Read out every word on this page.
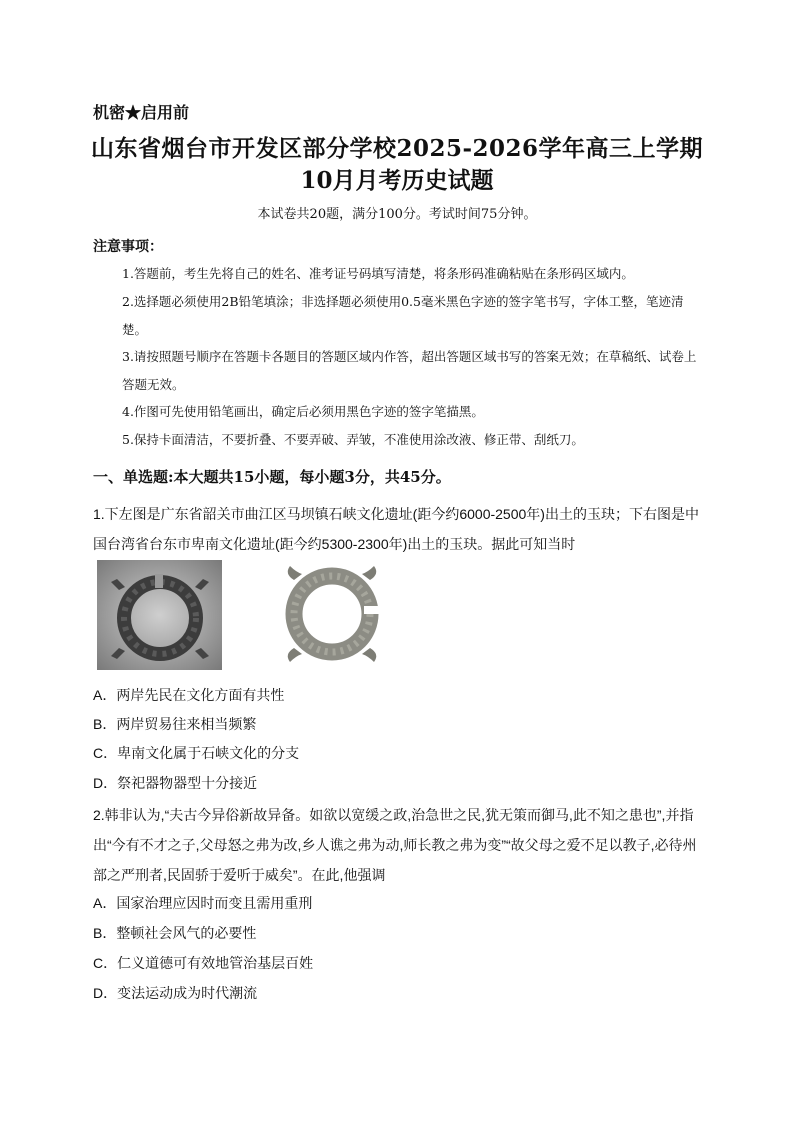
机密★启用前
山东省烟台市开发区部分学校2025-2026学年高三上学期
10月月考历史试题
本试卷共20题，满分100分。考试时间75分钟。
注意事项：
1.答题前，考生先将自己的姓名、准考证号码填写清楚，将条形码准确粘贴在条形码区域内。
2.选择题必须使用2B铅笔填涂；非选择题必须使用0.5毫米黑色字迹的签字笔书写，字体工整，笔迹清楚。
3.请按照题号顺序在答题卡各题目的答题区域内作答，超出答题区域书写的答案无效；在草稿纸、试卷上答题无效。
4.作图可先使用铅笔画出，确定后必须用黑色字迹的签字笔描黑。
5.保持卡面清洁，不要折叠、不要弄破、弄皱，不准使用涂改液、修正带、刮纸刀。
一、单选题:本大题共15小题，每小题3分，共45分。
1.下左图是广东省韶关市曲江区马坝镇石峡文化遗址(距今约6000-2500年)出土的玉玦；下右图是中国台湾省台东市卑南文化遗址(距今约5300-2300年)出土的玉玦。据此可知当时
A．两岸先民在文化方面有共性
B．两岸贸易往来相当频繁
C．卑南文化属于石峡文化的分支
D．祭祀器物器型十分接近
2.韩非认为,“夫古今异俗新故异备。如欲以宽缓之政,治急世之民,犹无策而御马,此不知之患也”,并指出“今有不才之子,父母怒之弗为改,乡人谯之弗为动,师长教之弗为变”“故父母之爱不足以教子,必待州部之严刑者,民固骄于爱听于威矣”。在此,他强调
A．国家治理应因时而变且需用重刑
B．整顿社会风气的必要性
C．仁义道德可有效地管治基层百姓
D．变法运动成为时代潮流
